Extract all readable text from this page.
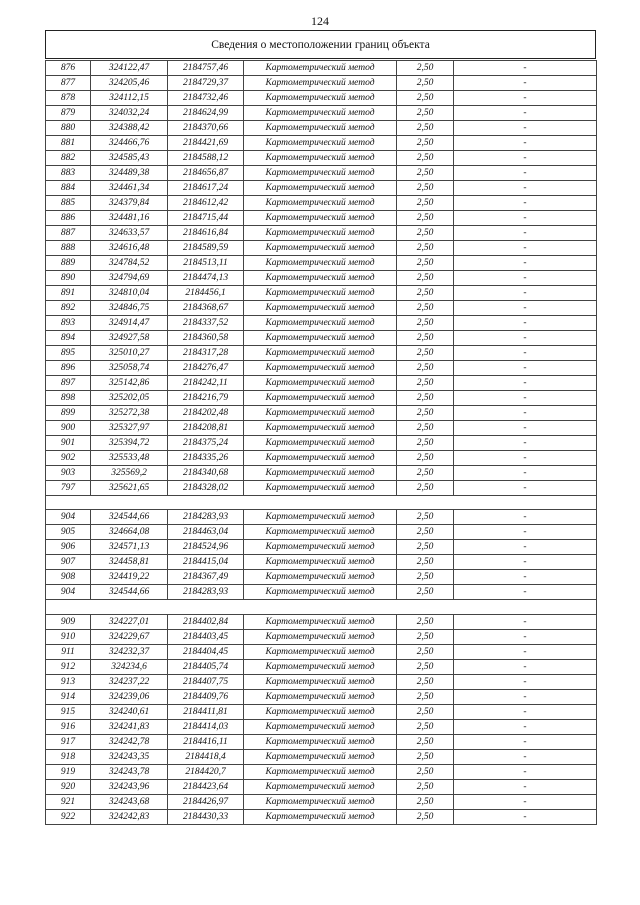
124
Сведения о местоположении границ объекта
876	324122,47	2184757,46	Картометрический метод	2,50	-
877	324205,46	2184729,37	Картометрический метод	2,50	-
878	324112,15	2184732,46	Картометрический метод	2,50	-
879	324032,24	2184624,99	Картометрический метод	2,50	-
880	324388,42	2184370,66	Картометрический метод	2,50	-
881	324466,76	2184421,69	Картометрический метод	2,50	-
882	324585,43	2184588,12	Картометрический метод	2,50	-
883	324489,38	2184656,87	Картометрический метод	2,50	-
884	324461,34	2184617,24	Картометрический метод	2,50	-
885	324379,84	2184612,42	Картометрический метод	2,50	-
886	324481,16	2184715,44	Картометрический метод	2,50	-
887	324633,57	2184616,84	Картометрический метод	2,50	-
888	324616,48	2184589,59	Картометрический метод	2,50	-
889	324784,52	2184513,11	Картометрический метод	2,50	-
890	324794,69	2184474,13	Картометрический метод	2,50	-
891	324810,04	2184456,1	Картометрический метод	2,50	-
892	324846,75	2184368,67	Картометрический метод	2,50	-
893	324914,47	2184337,52	Картометрический метод	2,50	-
894	324927,58	2184360,58	Картометрический метод	2,50	-
895	325010,27	2184317,28	Картометрический метод	2,50	-
896	325058,74	2184276,47	Картометрический метод	2,50	-
897	325142,86	2184242,11	Картометрический метод	2,50	-
898	325202,05	2184216,79	Картометрический метод	2,50	-
899	325272,38	2184202,48	Картометрический метод	2,50	-
900	325327,97	2184208,81	Картометрический метод	2,50	-
901	325394,72	2184375,24	Картометрический метод	2,50	-
902	325533,48	2184335,26	Картометрический метод	2,50	-
903	325569,2	2184340,68	Картометрический метод	2,50	-
797	325621,65	2184328,02	Картометрический метод	2,50	-

904	324544,66	2184283,93	Картометрический метод	2,50	-
905	324664,08	2184463,04	Картометрический метод	2,50	-
906	324571,13	2184524,96	Картометрический метод	2,50	-
907	324458,81	2184415,04	Картометрический метод	2,50	-
908	324419,22	2184367,49	Картометрический метод	2,50	-
904	324544,66	2184283,93	Картометрический метод	2,50	-

909	324227,01	2184402,84	Картометрический метод	2,50	-
910	324229,67	2184403,45	Картометрический метод	2,50	-
911	324232,37	2184404,45	Картометрический метод	2,50	-
912	324234,6	2184405,74	Картометрический метод	2,50	-
913	324237,22	2184407,75	Картометрический метод	2,50	-
914	324239,06	2184409,76	Картометрический метод	2,50	-
915	324240,61	2184411,81	Картометрический метод	2,50	-
916	324241,83	2184414,03	Картометрический метод	2,50	-
917	324242,78	2184416,11	Картометрический метод	2,50	-
918	324243,35	2184418,4	Картометрический метод	2,50	-
919	324243,78	2184420,7	Картометрический метод	2,50	-
920	324243,96	2184423,64	Картометрический метод	2,50	-
921	324243,68	2184426,97	Картометрический метод	2,50	-
922	324242,83	2184430,33	Картометрический метод	2,50	-
